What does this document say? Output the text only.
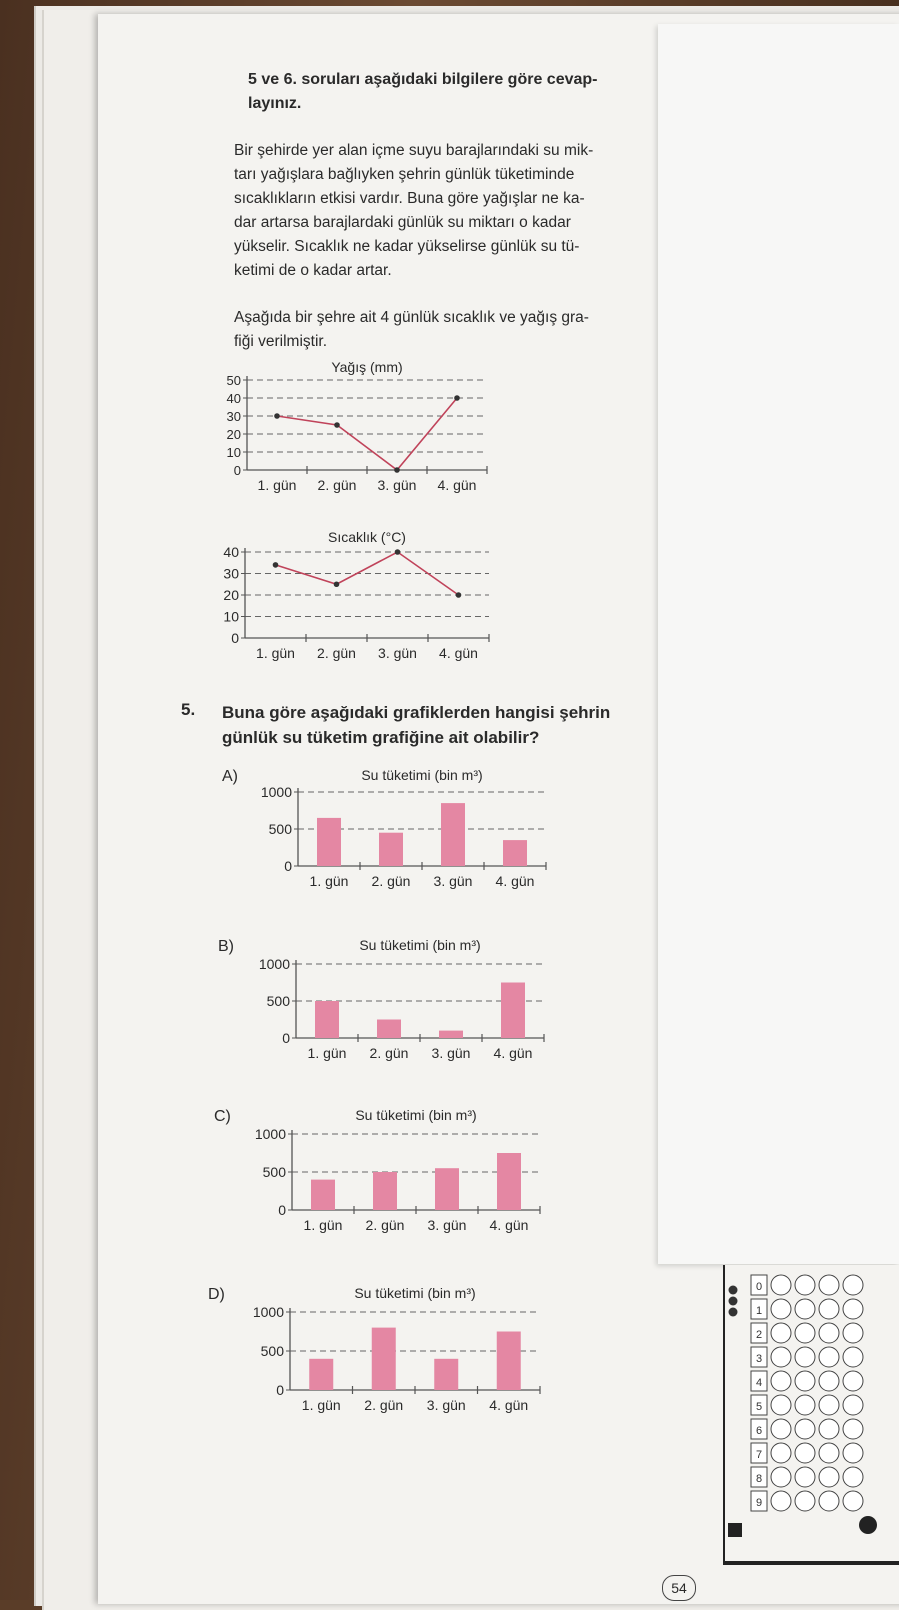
5 ve 6. soruları aşağıdaki bilgilere göre cevap-
layınız.
Bir şehirde yer alan içme suyu barajlarındaki su mik-
tarı yağışlara bağlıyken şehrin günlük tüketiminde
sıcaklıkların etkisi vardır. Buna göre yağışlar ne ka-
dar artarsa barajlardaki günlük su miktarı o kadar
yükselir. Sıcaklık ne kadar yükselirse günlük su tü-
ketimi de o kadar artar.
Aşağıda bir şehre ait 4 günlük sıcaklık ve yağış gra-
fiği verilmiştir.
Yağış (mm)
0
10
20
30
40
50
1. gün 2. gün 3. gün 4. gün
Sıcaklık (°C)
0
10
20
30
40
1. gün 2. gün 3. gün 4. gün
5. Buna göre aşağıdaki grafiklerden hangisi şehrin
günlük su tüketim grafiğine ait olabilir?
A)	Su tüketimi (bin m³)
0
500
1000
1. gün 2. gün 3. gün 4. gün
B)	Su tüketimi (bin m³)
0
500
1000
1. gün 2. gün 3. gün 4. gün
C)	Su tüketimi (bin m³)
0
500
1000
1. gün 2. gün 3. gün 4. gün
D)	Su tüketimi (bin m³)
0
500
1000
1. gün 2. gün 3. gün 4. gün
54
0
1
2
3
4
5
6
7
8
9
